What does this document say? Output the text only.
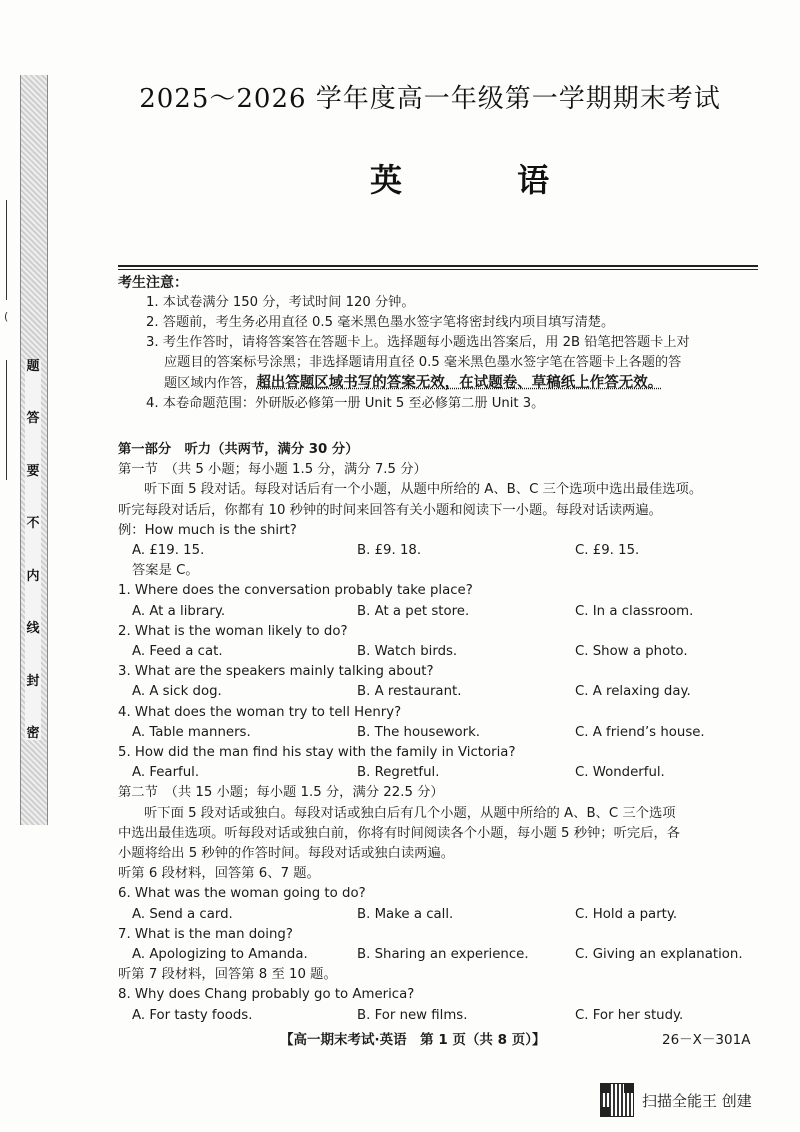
(
题
答
要
不
内
线
封
密
2025～2026 学年度高一年级第一学期期末考试
英 语
考生注意：
1. 本试卷满分 150 分，考试时间 120 分钟。
2. 答题前，考生务必用直径 0.5 毫米黑色墨水签字笔将密封线内项目填写清楚。
3. 考生作答时，请将答案答在答题卡上。选择题每小题选出答案后，用 2B 铅笔把答题卡上对
应题目的答案标号涂黑；非选择题请用直径 0.5 毫米黑色墨水签字笔在答题卡上各题的答
题区域内作答，超出答题区域书写的答案无效，在试题卷、草稿纸上作答无效。
4. 本卷命题范围：外研版必修第一册 Unit 5 至必修第二册 Unit 3。
第一部分　听力（共两节，满分 30 分）
第一节　（共 5 小题；每小题 1.5 分，满分 7.5 分）
听下面 5 段对话。每段对话后有一个小题，从题中所给的 A、B、C 三个选项中选出最佳选项。
听完每段对话后，你都有 10 秒钟的时间来回答有关小题和阅读下一小题。每段对话读两遍。
例：How much is the shirt?
A. £19. 15.	B. £9. 18.	C. £9. 15.
答案是 C。
1. Where does the conversation probably take place?
A. At a library.	B. At a pet store.	C. In a classroom.
2. What is the woman likely to do?
A. Feed a cat.	B. Watch birds.	C. Show a photo.
3. What are the speakers mainly talking about?
A. A sick dog.	B. A restaurant.	C. A relaxing day.
4. What does the woman try to tell Henry?
A. Table manners.	B. The housework.	C. A friend’s house.
5. How did the man find his stay with the family in Victoria?
A. Fearful.	B. Regretful.	C. Wonderful.
第二节　（共 15 小题；每小题 1.5 分，满分 22.5 分）
听下面 5 段对话或独白。每段对话或独白后有几个小题，从题中所给的 A、B、C 三个选项
中选出最佳选项。听每段对话或独白前，你将有时间阅读各个小题，每小题 5 秒钟；听完后，各
小题将给出 5 秒钟的作答时间。每段对话或独白读两遍。
听第 6 段材料，回答第 6、7 题。
6. What was the woman going to do?
A. Send a card.	B. Make a call.	C. Hold a party.
7. What is the man doing?
A. Apologizing to Amanda.	B. Sharing an experience.	C. Giving an explanation.
听第 7 段材料，回答第 8 至 10 题。
8. Why does Chang probably go to America?
A. For tasty foods.	B. For new films.	C. For her study.
【高一期末考试·英语　第 1 页（共 8 页）】	26－X－301A
扫描全能王 创建
